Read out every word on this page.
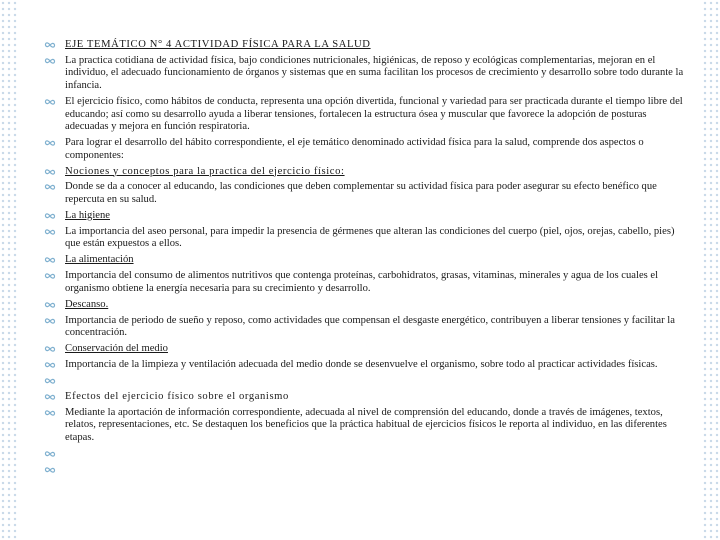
EJE TEMÁTICO N° 4 ACTIVIDAD FÍSICA PARA LA SALUD
La practica cotidiana de actividad física, bajo condiciones nutricionales, higiénicas, de reposo y ecológicas complementarias, mejoran en el individuo, el adecuado funcionamiento de órganos y sistemas que en suma facilitan los procesos de crecimiento y desarrollo sobre todo durante la infancia.
El ejercicio físico, como hábitos de conducta, representa una opción divertida, funcional y variedad para ser practicada durante el tiempo libre del educando; así como su desarrollo ayuda a liberar tensiones, fortalecen la estructura ósea y muscular que favorece la adopción de posturas adecuadas y mejora en función respiratoria.
Para lograr el desarrollo del hábito correspondiente, el eje temático denominado actividad física para la salud, comprende dos aspectos o componentes:
Nociones y conceptos para la practica del ejercicio físico:
Donde se da a conocer al educando, las condiciones que deben complementar su actividad física para poder asegurar su efecto benéfico que repercuta en su salud.
La higiene
La importancia del aseo personal, para impedir la presencia de gérmenes que alteran las condiciones del cuerpo (piel, ojos, orejas, cabello, pies) que están expuestos a ellos.
La alimentación
Importancia del consumo de alimentos nutritivos que contenga proteínas, carbohidratos, grasas, vitaminas, minerales y agua de los cuales el organismo obtiene la energía necesaria para su crecimiento y desarrollo.
Descanso.
Importancia de periodo de sueño y reposo, como actividades que compensan el desgaste energético, contribuyen a liberar tensiones y facilitar la concentración.
Conservación del medio
Importancia de la limpieza y ventilación adecuada del medio donde se desenvuelve el organismo, sobre todo al practicar actividades físicas.
Efectos del ejercicio físico sobre el organismo
Mediante la aportación de información correspondiente, adecuada al nivel de comprensión del educando, donde a través de imágenes, textos, relatos, representaciones, etc. Se destaquen los beneficios que la práctica habitual de ejercicios físicos le reporta al individuo, en las diferentes etapas.
